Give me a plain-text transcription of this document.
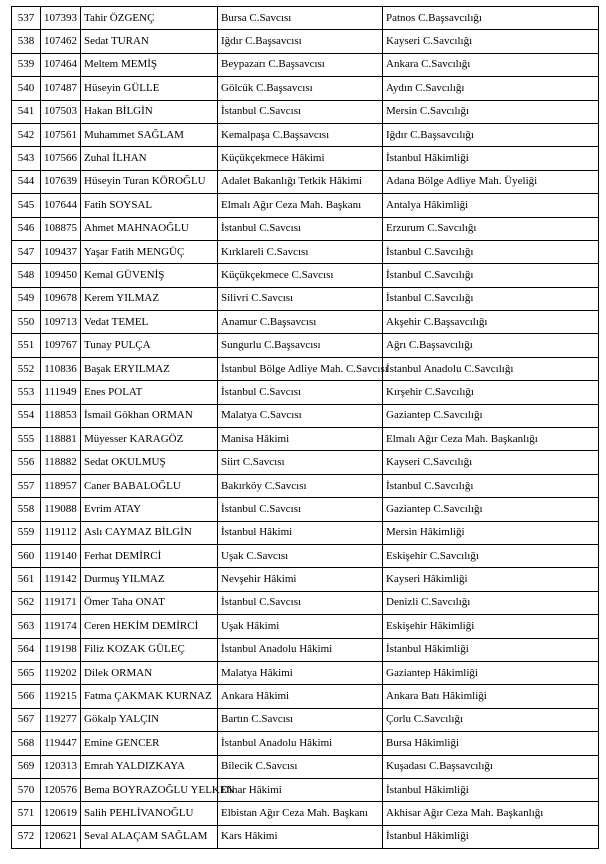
537	107393	Tahir ÖZGENÇ	Bursa C.Savcısı	Patnos C.Başsavcılığı
538	107462	Sedat TURAN	Iğdır C.Başsavcısı	Kayseri C.Savcılığı
539	107464	Meltem MEMİŞ	Beypazarı C.Başsavcısı	Ankara C.Savcılığı
540	107487	Hüseyin GÜLLE	Gölcük C.Başsavcısı	Aydın C.Savcılığı
541	107503	Hakan BİLGİN	İstanbul C.Savcısı	Mersin C.Savcılığı
542	107561	Muhammet SAĞLAM	Kemalpaşa C.Başsavcısı	Iğdır C.Başsavcılığı
543	107566	Zuhal İLHAN	Küçükçekmece Hâkimi	İstanbul Hâkimliği
544	107639	Hüseyin Turan KÖROĞLU	Adalet Bakanlığı Tetkik Hâkimi	Adana Bölge Adliye Mah. Üyeliği
545	107644	Fatih SOYSAL	Elmalı Ağır Ceza Mah. Başkanı	Antalya Hâkimliği
546	108875	Ahmet MAHNAOĞLU	İstanbul C.Savcısı	Erzurum C.Savcılığı
547	109437	Yaşar Fatih MENGÜÇ	Kırklareli C.Savcısı	İstanbul C.Savcılığı
548	109450	Kemal GÜVENİŞ	Küçükçekmece C.Savcısı	İstanbul C.Savcılığı
549	109678	Kerem YILMAZ	Silivri C.Savcısı	İstanbul C.Savcılığı
550	109713	Vedat TEMEL	Anamur C.Başsavcısı	Akşehir C.Başsavcılığı
551	109767	Tunay PULÇA	Sungurlu C.Başsavcısı	Ağrı C.Başsavcılığı
552	110836	Başak ERYILMAZ	İstanbul Bölge Adliye Mah. C.Savcısı	İstanbul Anadolu C.Savcılığı
553	111949	Enes POLAT	İstanbul C.Savcısı	Kırşehir C.Savcılığı
554	118853	İsmail Gökhan ORMAN	Malatya C.Savcısı	Gaziantep C.Savcılığı
555	118881	Müyesser KARAGÖZ	Manisa Hâkimi	Elmalı Ağır Ceza Mah. Başkanlığı
556	118882	Sedat OKULMUŞ	Siirt C.Savcısı	Kayseri C.Savcılığı
557	118957	Caner BABALOĞLU	Bakırköy C.Savcısı	İstanbul C.Savcılığı
558	119088	Evrim ATAY	İstanbul C.Savcısı	Gaziantep C.Savcılığı
559	119112	Aslı CAYMAZ BİLGİN	İstanbul Hâkimi	Mersin Hâkimliği
560	119140	Ferhat DEMİRCİ	Uşak C.Savcısı	Eskişehir C.Savcılığı
561	119142	Durmuş YILMAZ	Nevşehir Hâkimi	Kayseri Hâkimliği
562	119171	Ömer Taha ONAT	İstanbul C.Savcısı	Denizli C.Savcılığı
563	119174	Ceren HEKİM DEMİRCİ	Uşak Hâkimi	Eskişehir Hâkimliği
564	119198	Filiz KOZAK GÜLEÇ	İstanbul Anadolu Hâkimi	İstanbul Hâkimliği
565	119202	Dilek ORMAN	Malatya Hâkimi	Gaziantep Hâkimliği
566	119215	Fatma ÇAKMAK KURNAZ	Ankara Hâkimi	Ankara Batı Hâkimliği
567	119277	Gökalp YALÇIN	Bartın C.Savcısı	Çorlu C.Savcılığı
568	119447	Emine GENCER	İstanbul Anadolu Hâkimi	Bursa Hâkimliği
569	120313	Emrah YALDIZKAYA	Bilecik C.Savcısı	Kuşadası C.Başsavcılığı
570	120576	Bema BOYRAZOĞLU YELKEN	Dinar Hâkimi	İstanbul Hâkimliği
571	120619	Salih PEHLİVANOĞLU	Elbistan Ağır Ceza Mah. Başkanı	Akhisar Ağır Ceza Mah. Başkanlığı
572	120621	Seval ALAÇAM SAĞLAM	Kars Hâkimi	İstanbul Hâkimliği
